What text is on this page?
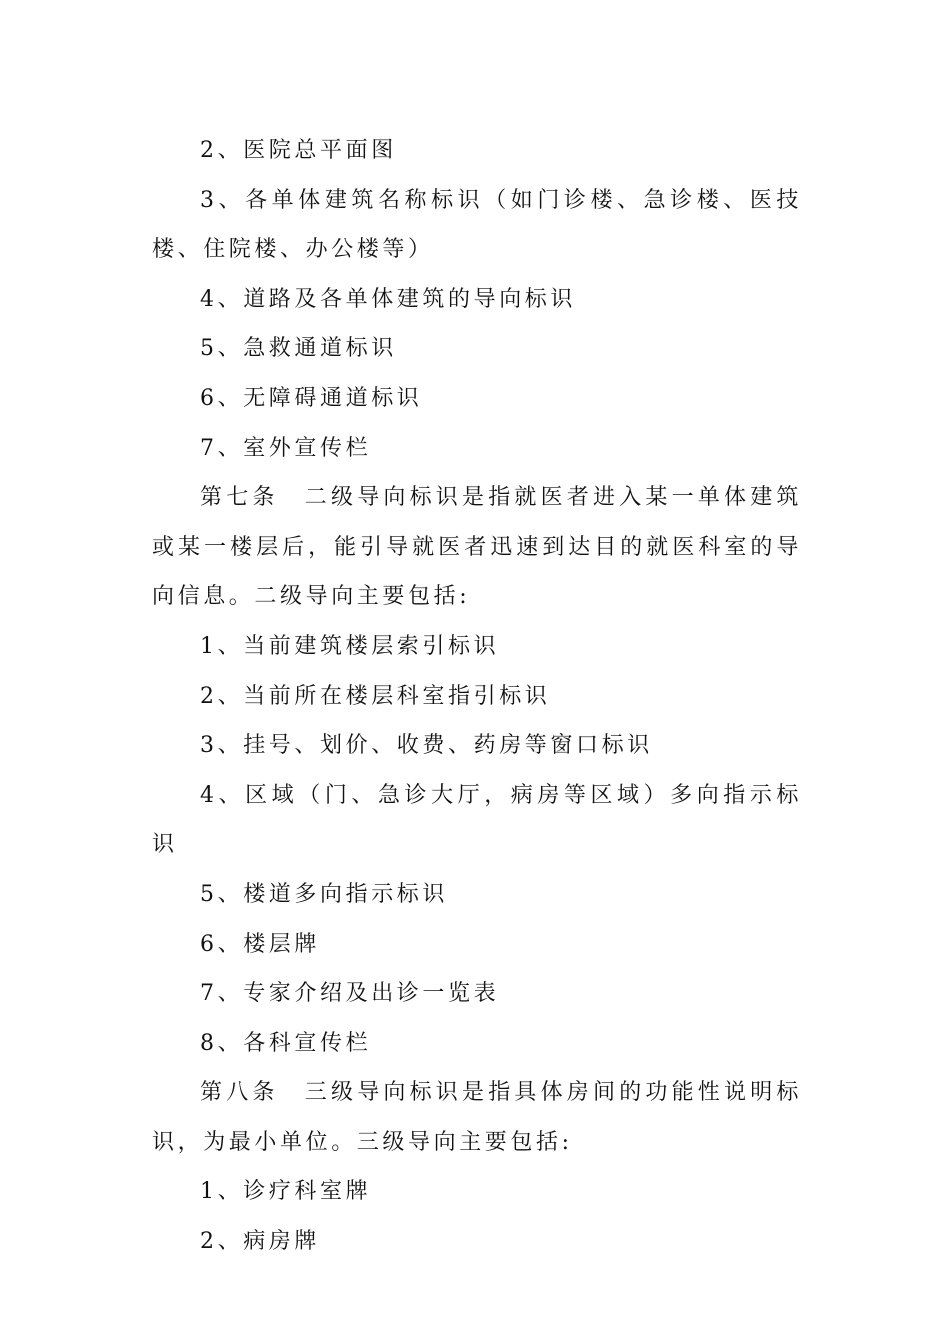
2、医院总平面图

3、各单体建筑名称标识（如门诊楼、急诊楼、医技楼、住院楼、办公楼等）

4、道路及各单体建筑的导向标识

5、急救通道标识

6、无障碍通道标识

7、室外宣传栏

第七条　二级导向标识是指就医者进入某一单体建筑或某一楼层后，能引导就医者迅速到达目的就医科室的导向信息。二级导向主要包括:

1、当前建筑楼层索引标识

2、当前所在楼层科室指引标识

3、挂号、划价、收费、药房等窗口标识

4、区域（门、急诊大厅，病房等区域）多向指示标识

5、楼道多向指示标识

6、楼层牌

7、专家介绍及出诊一览表

8、各科宣传栏

第八条　三级导向标识是指具体房间的功能性说明标识，为最小单位。三级导向主要包括:

1、诊疗科室牌

2、病房牌
